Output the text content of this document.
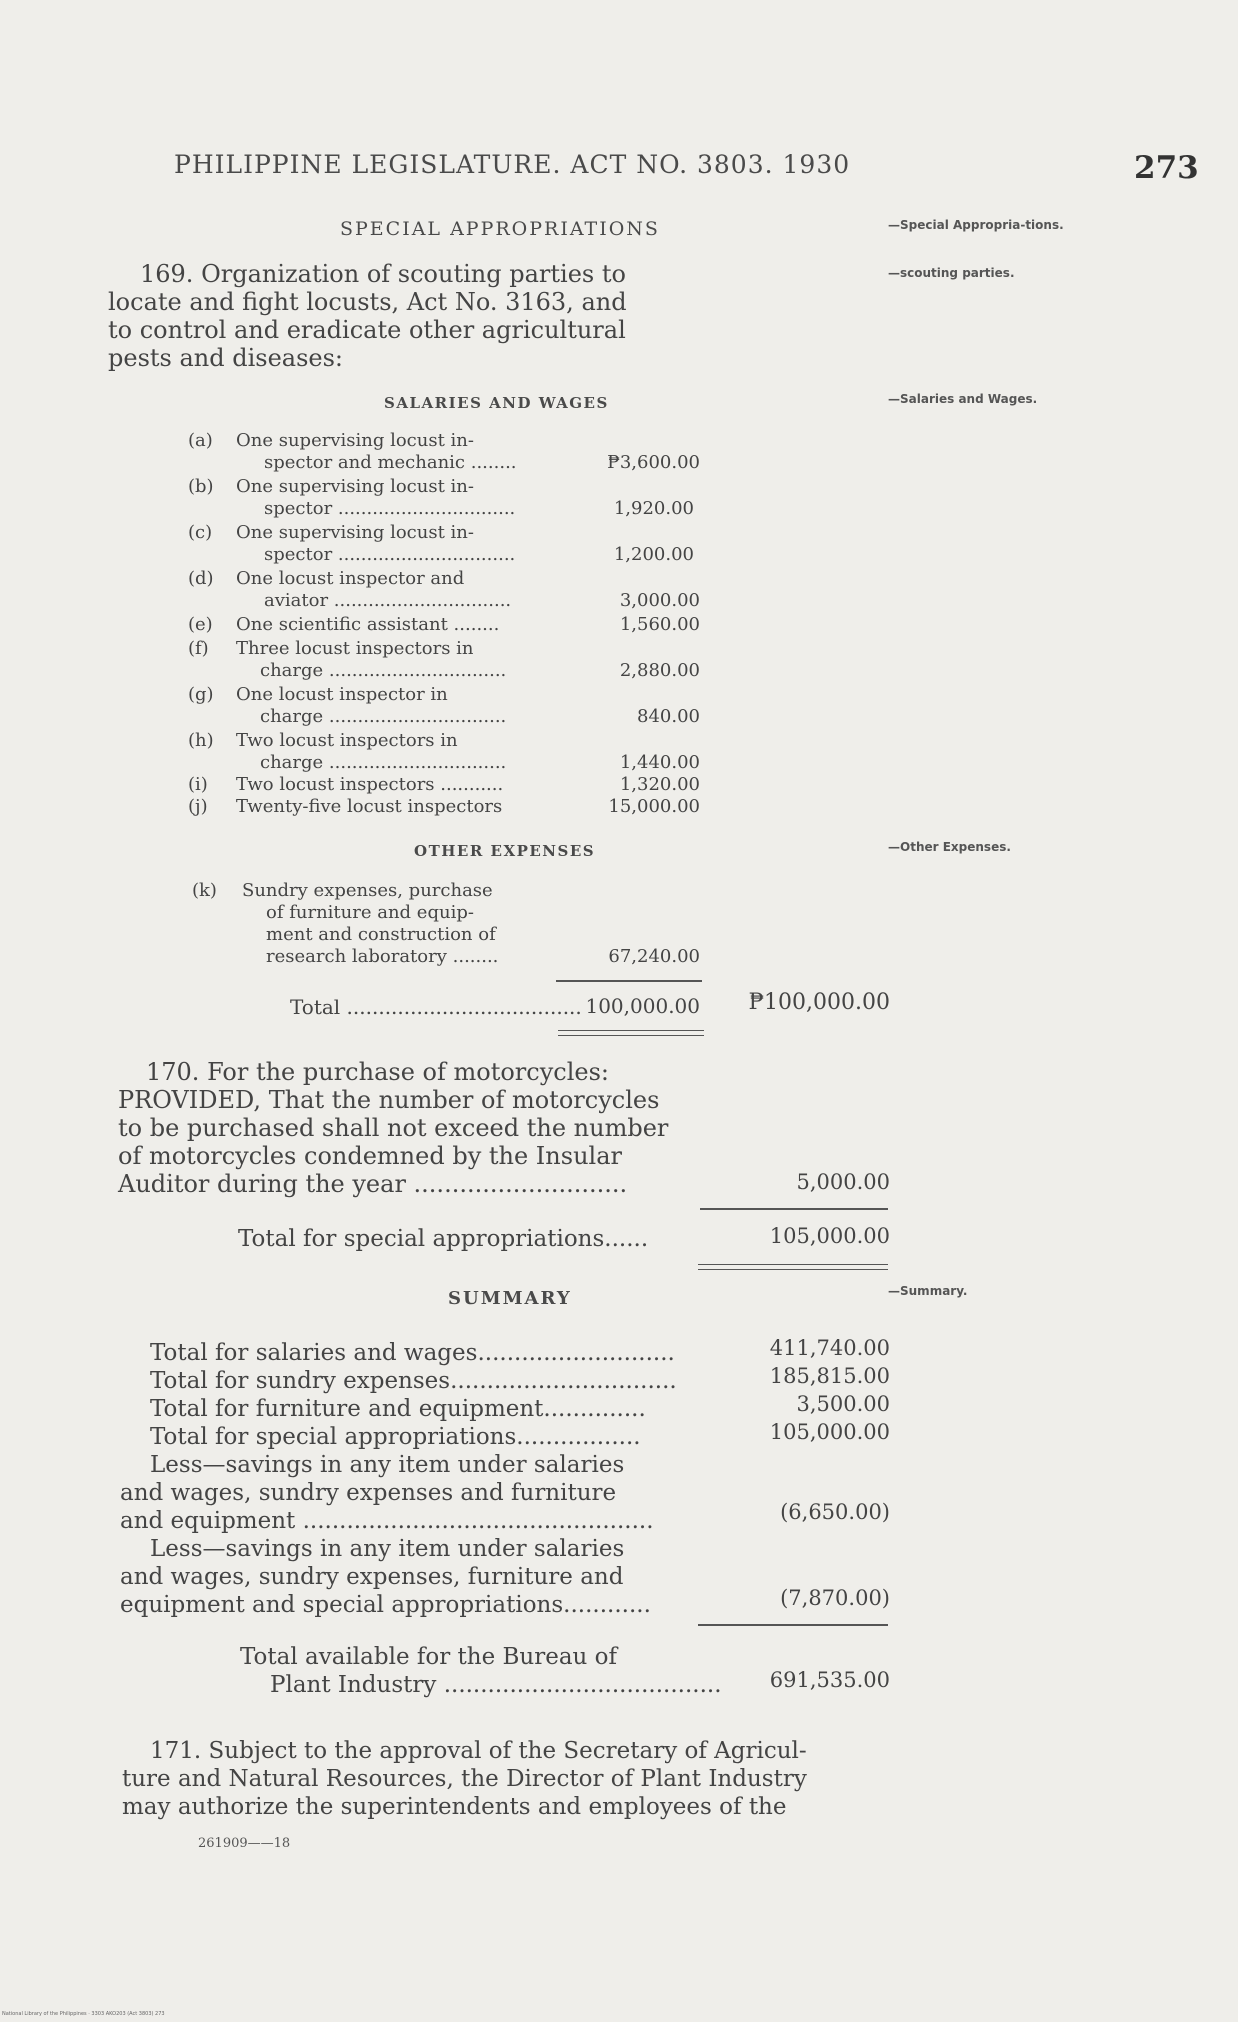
PHILIPPINE LEGISLATURE. ACT NO. 3803. 1930	273
SPECIAL APPROPRIATIONS	—Special Appropria-tions.
—scouting parties.
—Salaries and Wages.
—Other Expenses.
—Summary.
169. Organization of scouting parties to
locate and fight locusts, Act No. 3163, and
to control and eradicate other agricultural
pests and diseases:
SALARIES AND WAGES
(a) One supervising locust in-
spector and mechanic ........	₱3,600.00
(b) One supervising locust in-
spector ...............................	1,920.00
(c) One supervising locust in-
spector ...............................	1,200.00
(d) One locust inspector and
aviator ...............................	3,000.00
(e) One scientific assistant ........	1,560.00
(f) Three locust inspectors in
charge ...............................	2,880.00
(g) One locust inspector in
charge ...............................	840.00
(h) Two locust inspectors in
charge ...............................	1,440.00
(i) Two locust inspectors ...........	1,320.00
(j) Twenty-five locust inspectors	15,000.00
OTHER EXPENSES
(k) Sundry expenses, purchase
of furniture and equip-
ment and construction of
research laboratory ........	67,240.00
Total ..................................... 100,000.00	₱100,000.00
170. For the purchase of motorcycles:
PROVIDED, That the number of motorcycles
to be purchased shall not exceed the number
of motorcycles condemned by the Insular
Auditor during the year ............................	5,000.00
Total for special appropriations......	105,000.00
SUMMARY
Total for salaries and wages...........................	411,740.00
Total for sundry expenses...............................	185,815.00
Total for furniture and equipment..............	3,500.00
Total for special appropriations.................	105,000.00
Less—savings in any item under salaries
and wages, sundry expenses and furniture
and equipment ................................................	(6,650.00)
Less—savings in any item under salaries
and wages, sundry expenses, furniture and
equipment and special appropriations............	(7,870.00)
Total available for the Bureau of
Plant Industry ......................................	691,535.00
171. Subject to the approval of the Secretary of Agricul-
ture and Natural Resources, the Director of Plant Industry
may authorize the superintendents and employees of the
261909——18
National Library of the Philippines · 3303 AKO203 (Act 3803) 273
